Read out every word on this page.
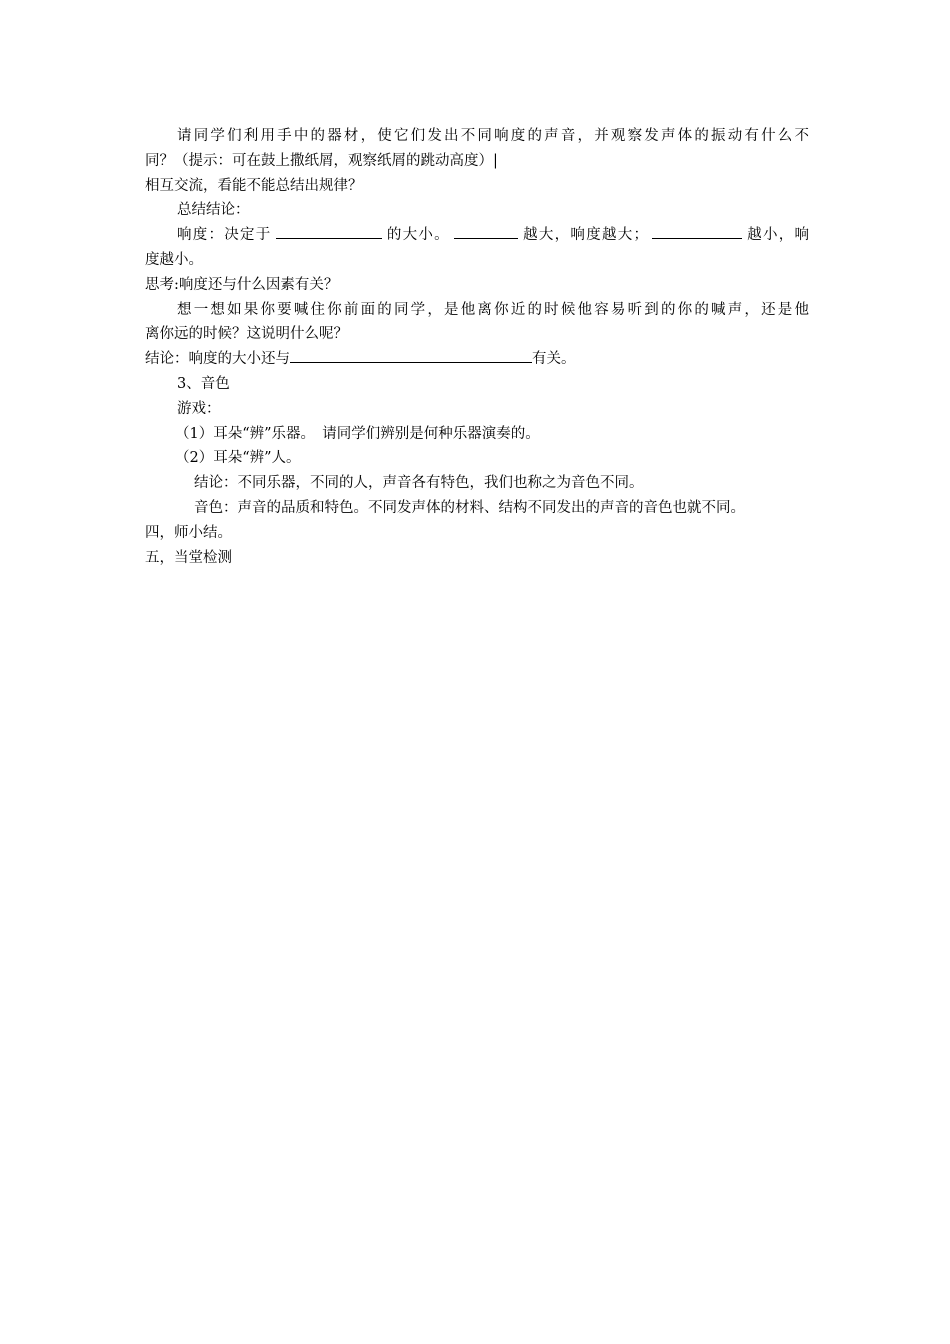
请同学们利用手中的器材，使它们发出不同响度的声音，并观察发声体的振动有什么不
同？（提示：可在鼓上撒纸屑，观察纸屑的跳动高度）|
相互交流，看能不能总结出规律？
总结结论：
响度：决定于	的大小。	越大，响度越大；	越小，响
度越小。
思考:响度还与什么因素有关？
想一想如果你要喊住你前面的同学，是他离你近的时候他容易听到的你的喊声，还是他
离你远的时候？这说明什么呢？
结论：响度的大小还与	有关。
3、音色
游戏：
（1）耳朵“辨”乐器。　请同学们辨别是何种乐器演奏的。
（2）耳朵“辨”人。
结论：不同乐器，不同的人，声音各有特色，我们也称之为音色不同。
音色：声音的品质和特色。不同发声体的材料、结构不同发出的声音的音色也就不同。
四，师小结。
五，当堂检测
